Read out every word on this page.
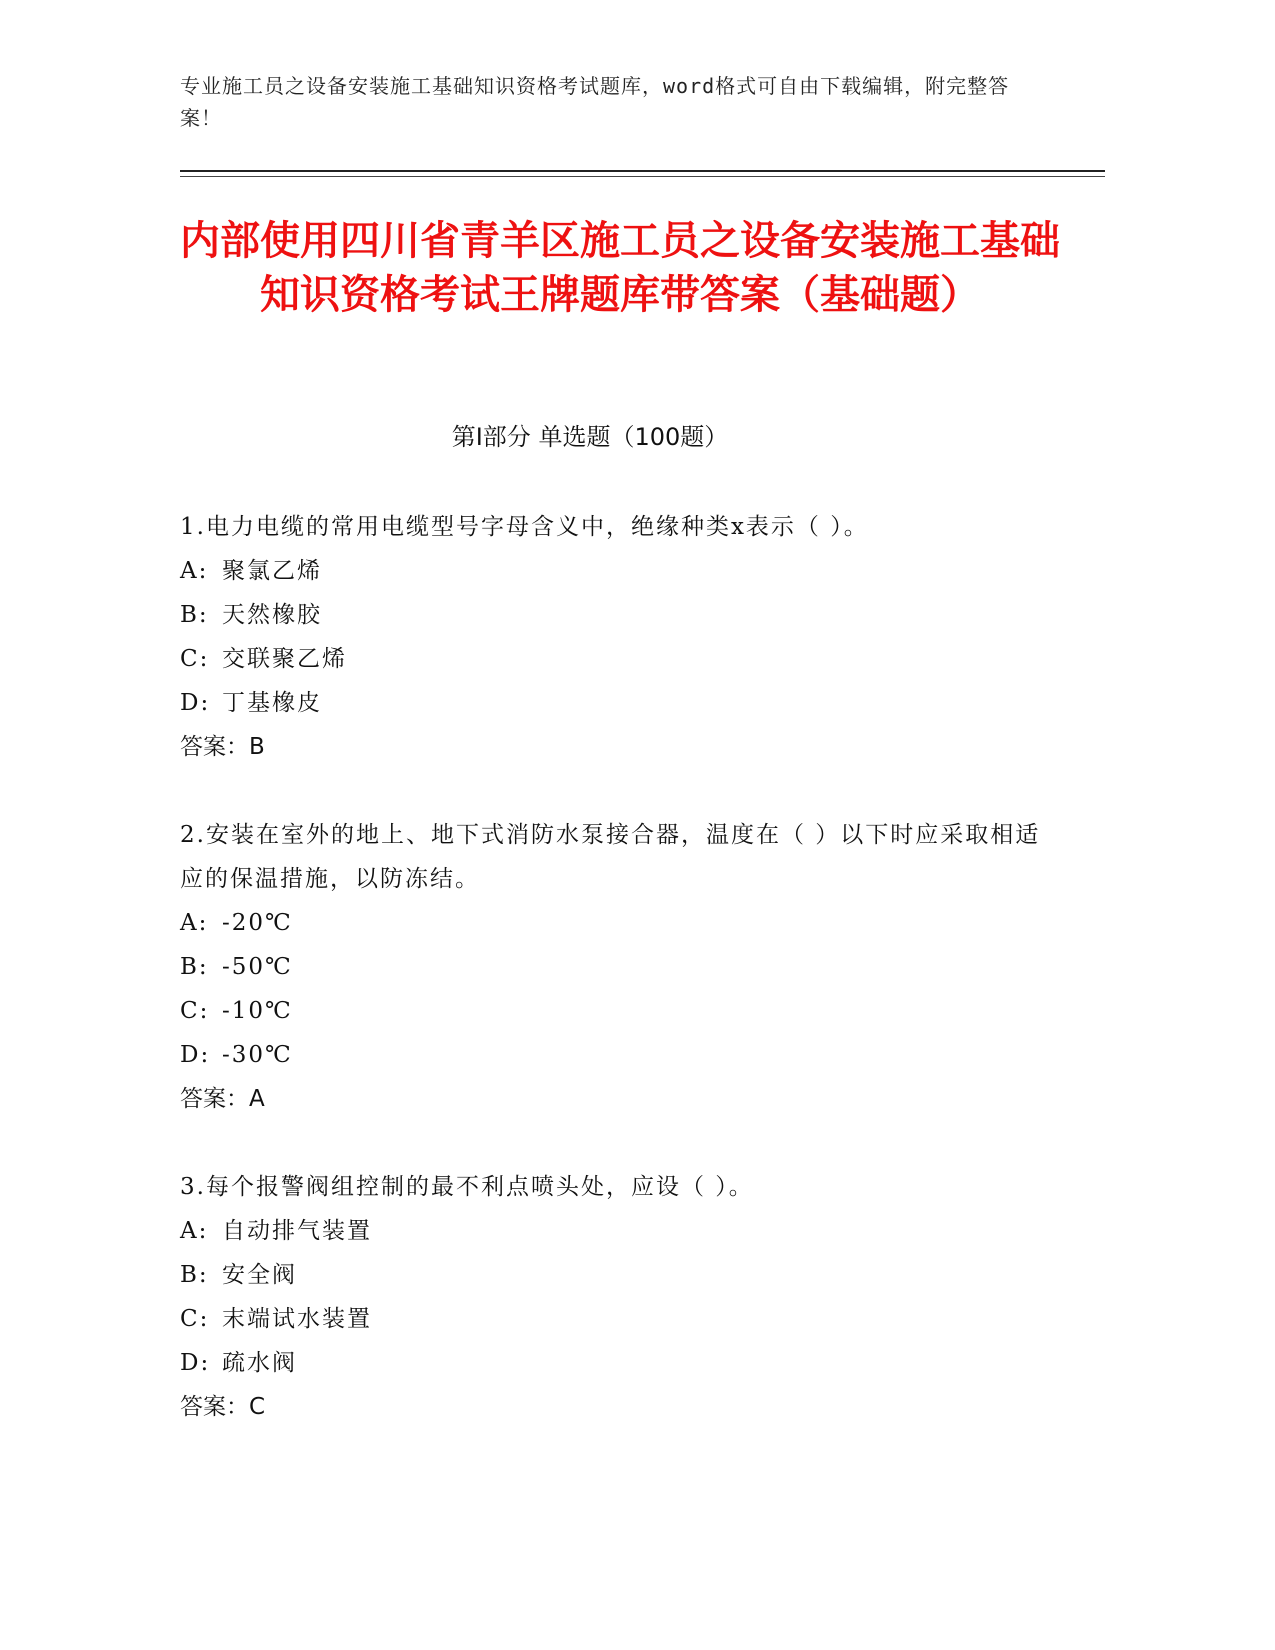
专业施工员之设备安装施工基础知识资格考试题库，word格式可自由下载编辑，附完整答案！
内部使用四川省青羊区施工员之设备安装施工基础知识资格考试王牌题库带答案（基础题）
第Ⅰ部分 单选题（100题）
1.电力电缆的常用电缆型号字母含义中，绝缘种类x表示（ ）。
A: 聚氯乙烯
B: 天然橡胶
C: 交联聚乙烯
D: 丁基橡皮
答案：B
2.安装在室外的地上、地下式消防水泵接合器，温度在（ ）以下时应采取相适应的保温措施，以防冻结。
A: -20℃
B: -50℃
C: -10℃
D: -30℃
答案：A
3.每个报警阀组控制的最不利点喷头处，应设（ ）。
A: 自动排气装置
B: 安全阀
C: 末端试水装置
D: 疏水阀
答案：C
